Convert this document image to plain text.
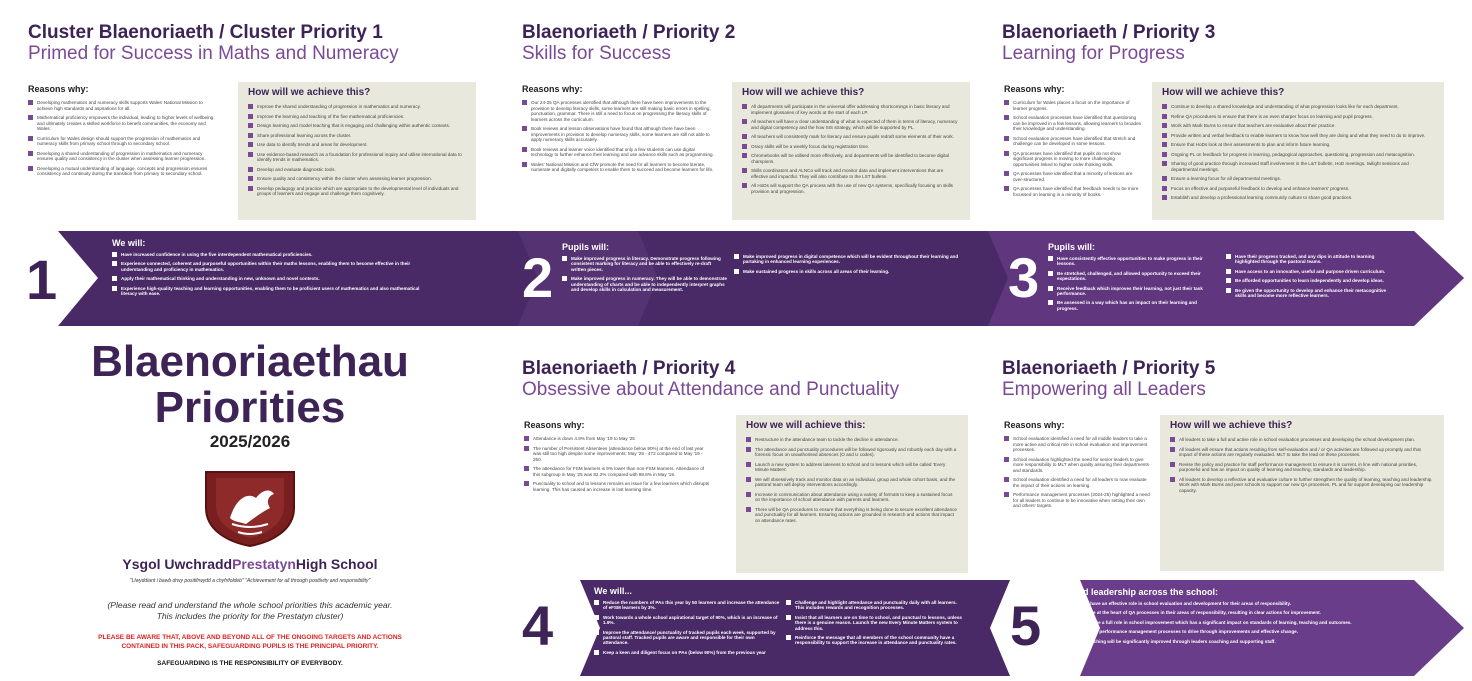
Cluster Blaenoriaeth / Cluster Priority 1
Primed for Success in Maths and Numeracy
Reasons why:
Developing mathematics and numeracy skills supports Wales' National Mission to achieve high standards and aspirations for all.
Mathematical proficiency empowers the individual, leading to higher levels of wellbeing and ultimately creates a skilled workforce to benefit communities, the economy and Wales.
Curriculum for Wales design should support the progression of mathematics and numeracy skills from primary school through to secondary school.
Developing a shared understanding of progression in mathematics and numeracy ensures quality and consistency in the cluster when assessing learner progression.
Developing a mutual understanding of language, concepts and progression ensures consistency and continuity during the transition from primary to secondary school.
How will we achieve this?
Improve the shared understanding of progression in mathematics and numeracy.
Improve the learning and teaching of the five mathematical proficiencies.
Design learning and model teaching that is engaging and challenging within authentic contexts.
Share professional learning across the cluster.
Use data to identify trends and areas for development.
Use evidence-based research as a foundation for professional inquiry and utilise international data to identify trends in mathematics.
Develop and evaluate diagnostic tools.
Ensure quality and consistency within the cluster when assessing learner progression.
Develop pedagogy and practice which are appropriate to the developmental level of individuals and groups of learners and engage and challenge them cognitively.
Blaenoriaeth / Priority 2
Skills for Success
Reasons why:
Our 24-25 QA processes identified that although there have been improvements to the provision to develop literacy skills, some learners are still making basic errors in spelling, punctuation, grammar. There is still a need to focus on progressing the literacy skills of learners across the curriculum.
Book reviews and lesson observations have found that although there have been improvements in provision to develop numeracy skills, some learners are still not able to apply numeracy skills accurately.
Book reviews and learner voice identified that only a few students can use digital technology to further enhance their learning and use advance skills such as programming.
Wales' National Mission and CfW promote the need for all learners to become literate, numerate and digitally competent to enable them to succeed and become learners for life.
How will we achieve this?
All departments will participate in the universal offer addressing shortcomings in basic literacy and implement glossaries of key words at the start of each LP.
All teachers will have a clear understanding of what is expected of them in terms of literacy, numeracy and digital competency and the how SIS strategy, which will be supported by PL.
All teachers will consistently mark for literacy and ensure pupils redraft some elements of their work.
Oracy skills will be a weekly focus during registration time.
Chromebooks will be utilised more effectively, and departments will be identified to become digital champions.
Skills coordinators and ALNCo will track and monitor data and implement interventions that are effective and impactful. They will also contribute to the LST bulletin.
All HoDs will support the QA process with the use of new QA systems, specifically focusing on skills provision and progression.
Blaenoriaeth / Priority 3
Learning for Progress
Reasons why:
Curriculum for Wales places a focus on the importance of learner progress.
School evaluation processes have identified that questioning can be improved in a few lessons, allowing learners to broaden their knowledge and understanding.
School evaluation processes have identified that stretch and challenge can be developed in some lessons.
QA processes have identified that pupils do not show significant progress in moving to more challenging opportunities linked to higher order thinking skills.
QA processes have identified that a minority of lessons are over-structured.
QA processes have identified that feedback needs to be more focussed on learning in a minority of books.
How will we achieve this?
Continue to develop a shared knowledge and understanding of what progression looks like for each department.
Refine QA procedures to ensure that there is an even sharper focus on learning and pupil progress.
Work with Mark Burns to ensure that teachers are evaluative about their practice.
Provide written and verbal feedback to enable learners to know how well they are doing and what they need to do to improve.
Ensure that HoDs look at their assessments to plan and inform future learning.
Ongoing PL on feedback for progress in learning, pedagogical approaches, questioning, progression and metacognition.
Sharing of good practice through increased staff involvement in the L&T bulletin, HoD meetings, twilight sessions and departmental meetings.
Ensure a learning focus for all departmental meetings.
Focus on effective and purposeful feedback to develop and enhance learners' progress.
Establish and develop a professional learning community culture to share good practices.
1
We will:
Have increased confidence in using the five interdependent mathematical proficiencies.
Experience connected, coherent and purposeful opportunities within their maths lessons, enabling them to become effective in their understanding and proficiency in mathematics.
Apply their mathematical thinking and understanding in new, unknown and novel contexts.
Experience high-quality teaching and learning opportunities, enabling them to be proficient users of mathematics and also mathematical literacy with ease.	2 Pupils will:
Make improved progress in literacy. Demonstrate progress following consistent marking for literacy and be able to effectively re-draft written pieces.
Make improved progress in numeracy. They will be able to demonstrate understanding of charts and be able to independently interpret graphs and develop skills in calculation and measurement.
Make improved progress in digital competence which will be evident throughout their learning and partaking in enhanced learning experiences.
Make sustained progress in skills across all areas of their learning. 3 Pupils will:
Have consistently effective opportunities to make progress in their lessons.
Be stretched, challenged, and allowed opportunity to exceed their expectations.
Receive feedback which improves their learning, not just their task performance.
Be assessed in a way which has an impact on their learning and progress.
Have their progress tracked, and any dips in attitude to learning highlighted through the pastoral teams.
Have access to an innovative, useful and purpose driven curriculum.
Be afforded opportunities to learn independently and develop ideas.
Be given the opportunity to develop and enhance their metacognitive skills and become more reflective learners.
Blaenoriaethau
Priorities
2025/2026
Ysgol UwchraddPrestatynHigh School
"Llwyddiant i bawb drwy positifrwydd a chyfrifoldeb" "Achievement for all through positivity and responsibility"
(Please read and understand the whole school priorities this academic year.
This includes the priority for the Prestatyn cluster)
PLEASE BE AWARE THAT, ABOVE AND BEYOND ALL OF THE ONGOING TARGETS AND ACTIONS
CONTAINED IN THIS PACK, SAFEGUARDING PUPILS IS THE PRINCIPAL PRIORITY.
SAFEGUARDING IS THE RESPONSIBILITY OF EVERYBODY.
Blaenoriaeth / Priority 4
Obsessive about Attendance and Punctuality
Reasons why:
Attendance is down 4.9% from May '19 to May '25
The number of Persistent Absentees (attendance below 90%) at the end of last year was still too high despite some improvements: May '25 - 472 compared to May '19 - 250.
The attendance for FSM learners is 9% lower than non-FSM learners. Attendance of this subgroup in May '25 was 82.2% compared with 88.6% in May '19.
Punctuality to school and to lessons remains an issue for a few learners which disrupts learning. This has caused an increase in lost learning time.
How we will achieve this:
Restructure in the attendance team to tackle the decline in attendance.
The attendance and punctuality procedures will be followed rigorously and robustly each day with a forensic focus on unauthorised absences (O and U codes).
Launch a new system to address lateness to school and to lessons which will be called 'Every Minute Matters'.
We will obsessively track and monitor data on an individual, group and whole cohort basis, and the pastoral team will deploy interventions accordingly.
Increase in communication about attendance using a variety of formats to keep a sustained focus on the importance of school attendance with parents and learners.
There will be QA procedures to ensure that everything is being done to secure excellent attendance and punctuality for all learners. Ensuring actions are grounded in research and actions that impact on attendance rates.
Blaenoriaeth / Priority 5
Empowering all Leaders
Reasons why:
School evaluation identified a need for all middle leaders to take a more active and critical role in school evaluation and improvement processes.
School evaluation highlighted the need for senior leaders to give more responsibility to MLT when quality assuring their departments and standards.
School evaluation identified a need for all leaders to now evaluate the impact of their actions on learning.
Performance management processes (2024-25) highlighted a need for all leaders to continue to be innovative when setting their own and others' targets.
How will we achieve this?
All leaders to take a full and active role in school evaluation processes and developing the school development plan.
All leaders will ensure that actions resulting from self-evaluation and / or QA activities are followed up promptly and that impact of these actions are regularly evaluated. MLT to take the lead on these processes.
Revise the policy and practice for staff performance management to ensure it is current, in line with national priorities, purposeful and has an impact on quality of learning and teaching, standards and leadership.
All leaders to develop a reflective and evaluative culture to further strengthen the quality of learning, teaching and leadership. Work with Mark Burns and peer schools to support our new QA processes, PL and for support developing our leadership capacity.
4
We will...
Reduce the numbers of PAs this year by 50 learners and increase the attendance of eFSM learners by 3%.
Work towards a whole school aspirational target of 90%, which is an increase of 1.9%.
Improve the attendance/ punctuality of tracked pupils each week, supported by pastoral staff. Tracked pupils are aware and responsible for their own attendance.
Keep a keen and diligent focus on PAs (below 90%) from the previous year
Challenge and highlight attendance and punctuality daily with all learners. This includes rewards and recognition processes.
Insist that all learners are on time to school, and punctual to lessons, unless there is a genuine reason. Launch the new Every Minute Matters system to address this.
Reinforce the message that all members of the school community have a responsibility to support the increase in attendance and punctuality rates. 5
Improved leadership across the school:
All leaders will have an effective role in school evaluation and development for their areas of responsibility.
All leaders will be at the heart of QA processes in their areas of responsibility, resulting in clear actions for improvement.
All leaders will have a full role in school improvement which has a significant impact on standards of learning, teaching and outcomes.
All leaders will use performance management processes to drive through improvements and effective change.
Learning and teaching will be significantly improved through leaders coaching and supporting staff.
